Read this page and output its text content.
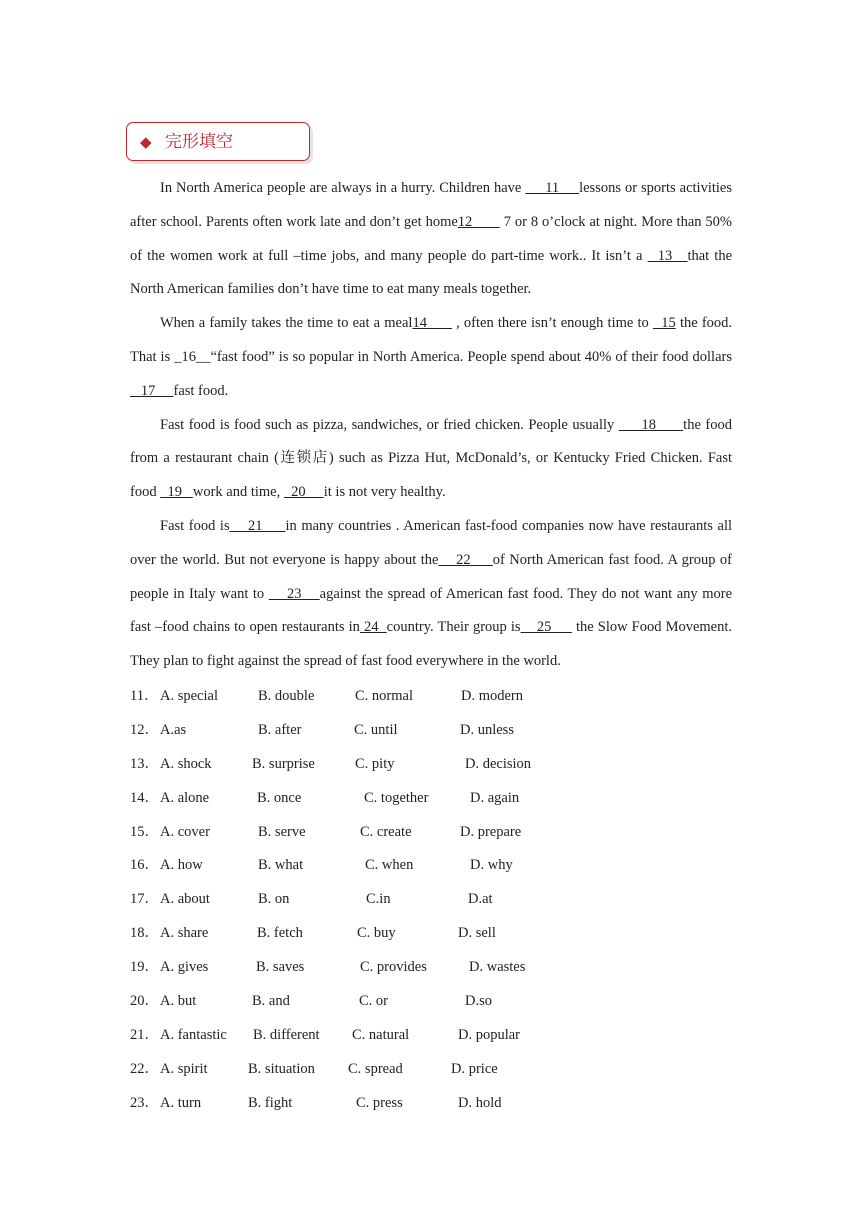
◆ 完形填空

In North America people are always in a hurry. Children have      11     lessons or sports activities after school. Parents often work late and don’t get home12        7 or 8 o’clock at night. More than 50% of the women work at full –time jobs, and many people do part-time work.. It isn’t a   13   that the North American families don’t have time to eat many meals together.

When a family takes the time to eat a meal14       , often there isn’t enough time to   15 the food. That is _16__“fast food” is so popular in North America. People spend about 40% of their food dollars   17     fast food.

Fast food is food such as pizza, sandwiches, or fried chicken. People usually      18      the food from a restaurant chain (连锁店) such as Pizza Hut, McDonald’s, or Kentucky Fried Chicken. Fast food   19   work and time,   20     it is not very healthy.

Fast food is    21     in many countries . American fast-food companies now have restaurants all over the world. But not everyone is happy about the    22     of North American fast food. A group of people in Italy want to     23    against the spread of American fast food. They do not want any more fast –food chains to open restaurants in 24  country. Their group is    25      the Slow Food Movement. They plan to fight against the spread of fast food everywhere in the world.

11． A. special	B. double	C. normal	D. modern
12． A.as	B. after	C. until	D. unless
13． A. shock	B. surprise	C. pity	D. decision
14． A. alone	B. once	C. together	D. again
15． A. cover	B. serve	C. create	D. prepare
16． A. how	B. what	C. when	D. why
17． A. about	B. on	C.in	D.at
18． A. share	B. fetch	C. buy	D. sell
19． A. gives	B. saves	C. provides	D. wastes
20． A. but	B. and	C. or	D.so
21． A. fantastic B. different C. natural	D. popular
22． A. spirit	B. situation C. spread	D. price
23． A. turn	B. fight	C. press	D. hold
